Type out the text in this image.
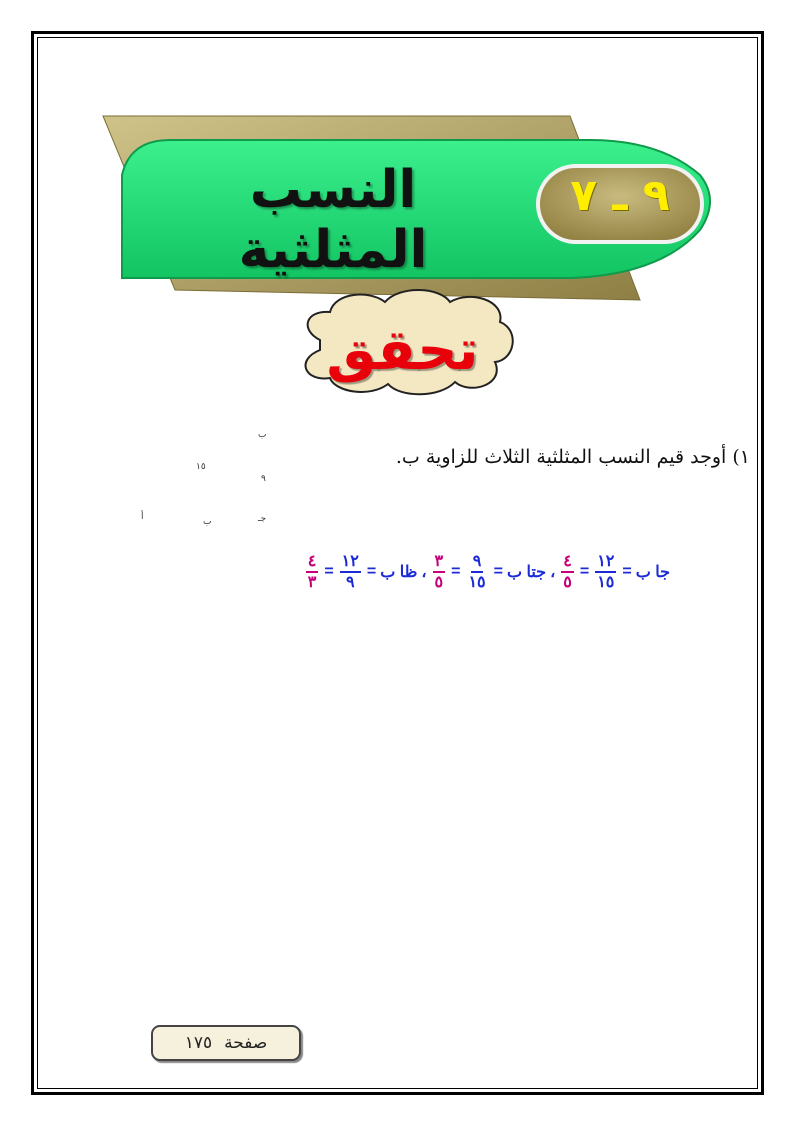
النسب المثلثية
٩ ـ ٧
تحقق
١٥
٩
ب
ب
جـ
أ
١) أوجد قيم النسب المثلثية الثلاث للزاوية ب.
جا ب
=
$\frac{١٢}{١٥}$
=
$\frac{٤}{٥}$
،
جتا ب
=
$\frac{٩}{١٥}$
=
$\frac{٣}{٥}$
،
ظا ب
=
$\frac{١٢}{٩}$
=
$\frac{٤}{٣}$
صفحة
١٧٥
